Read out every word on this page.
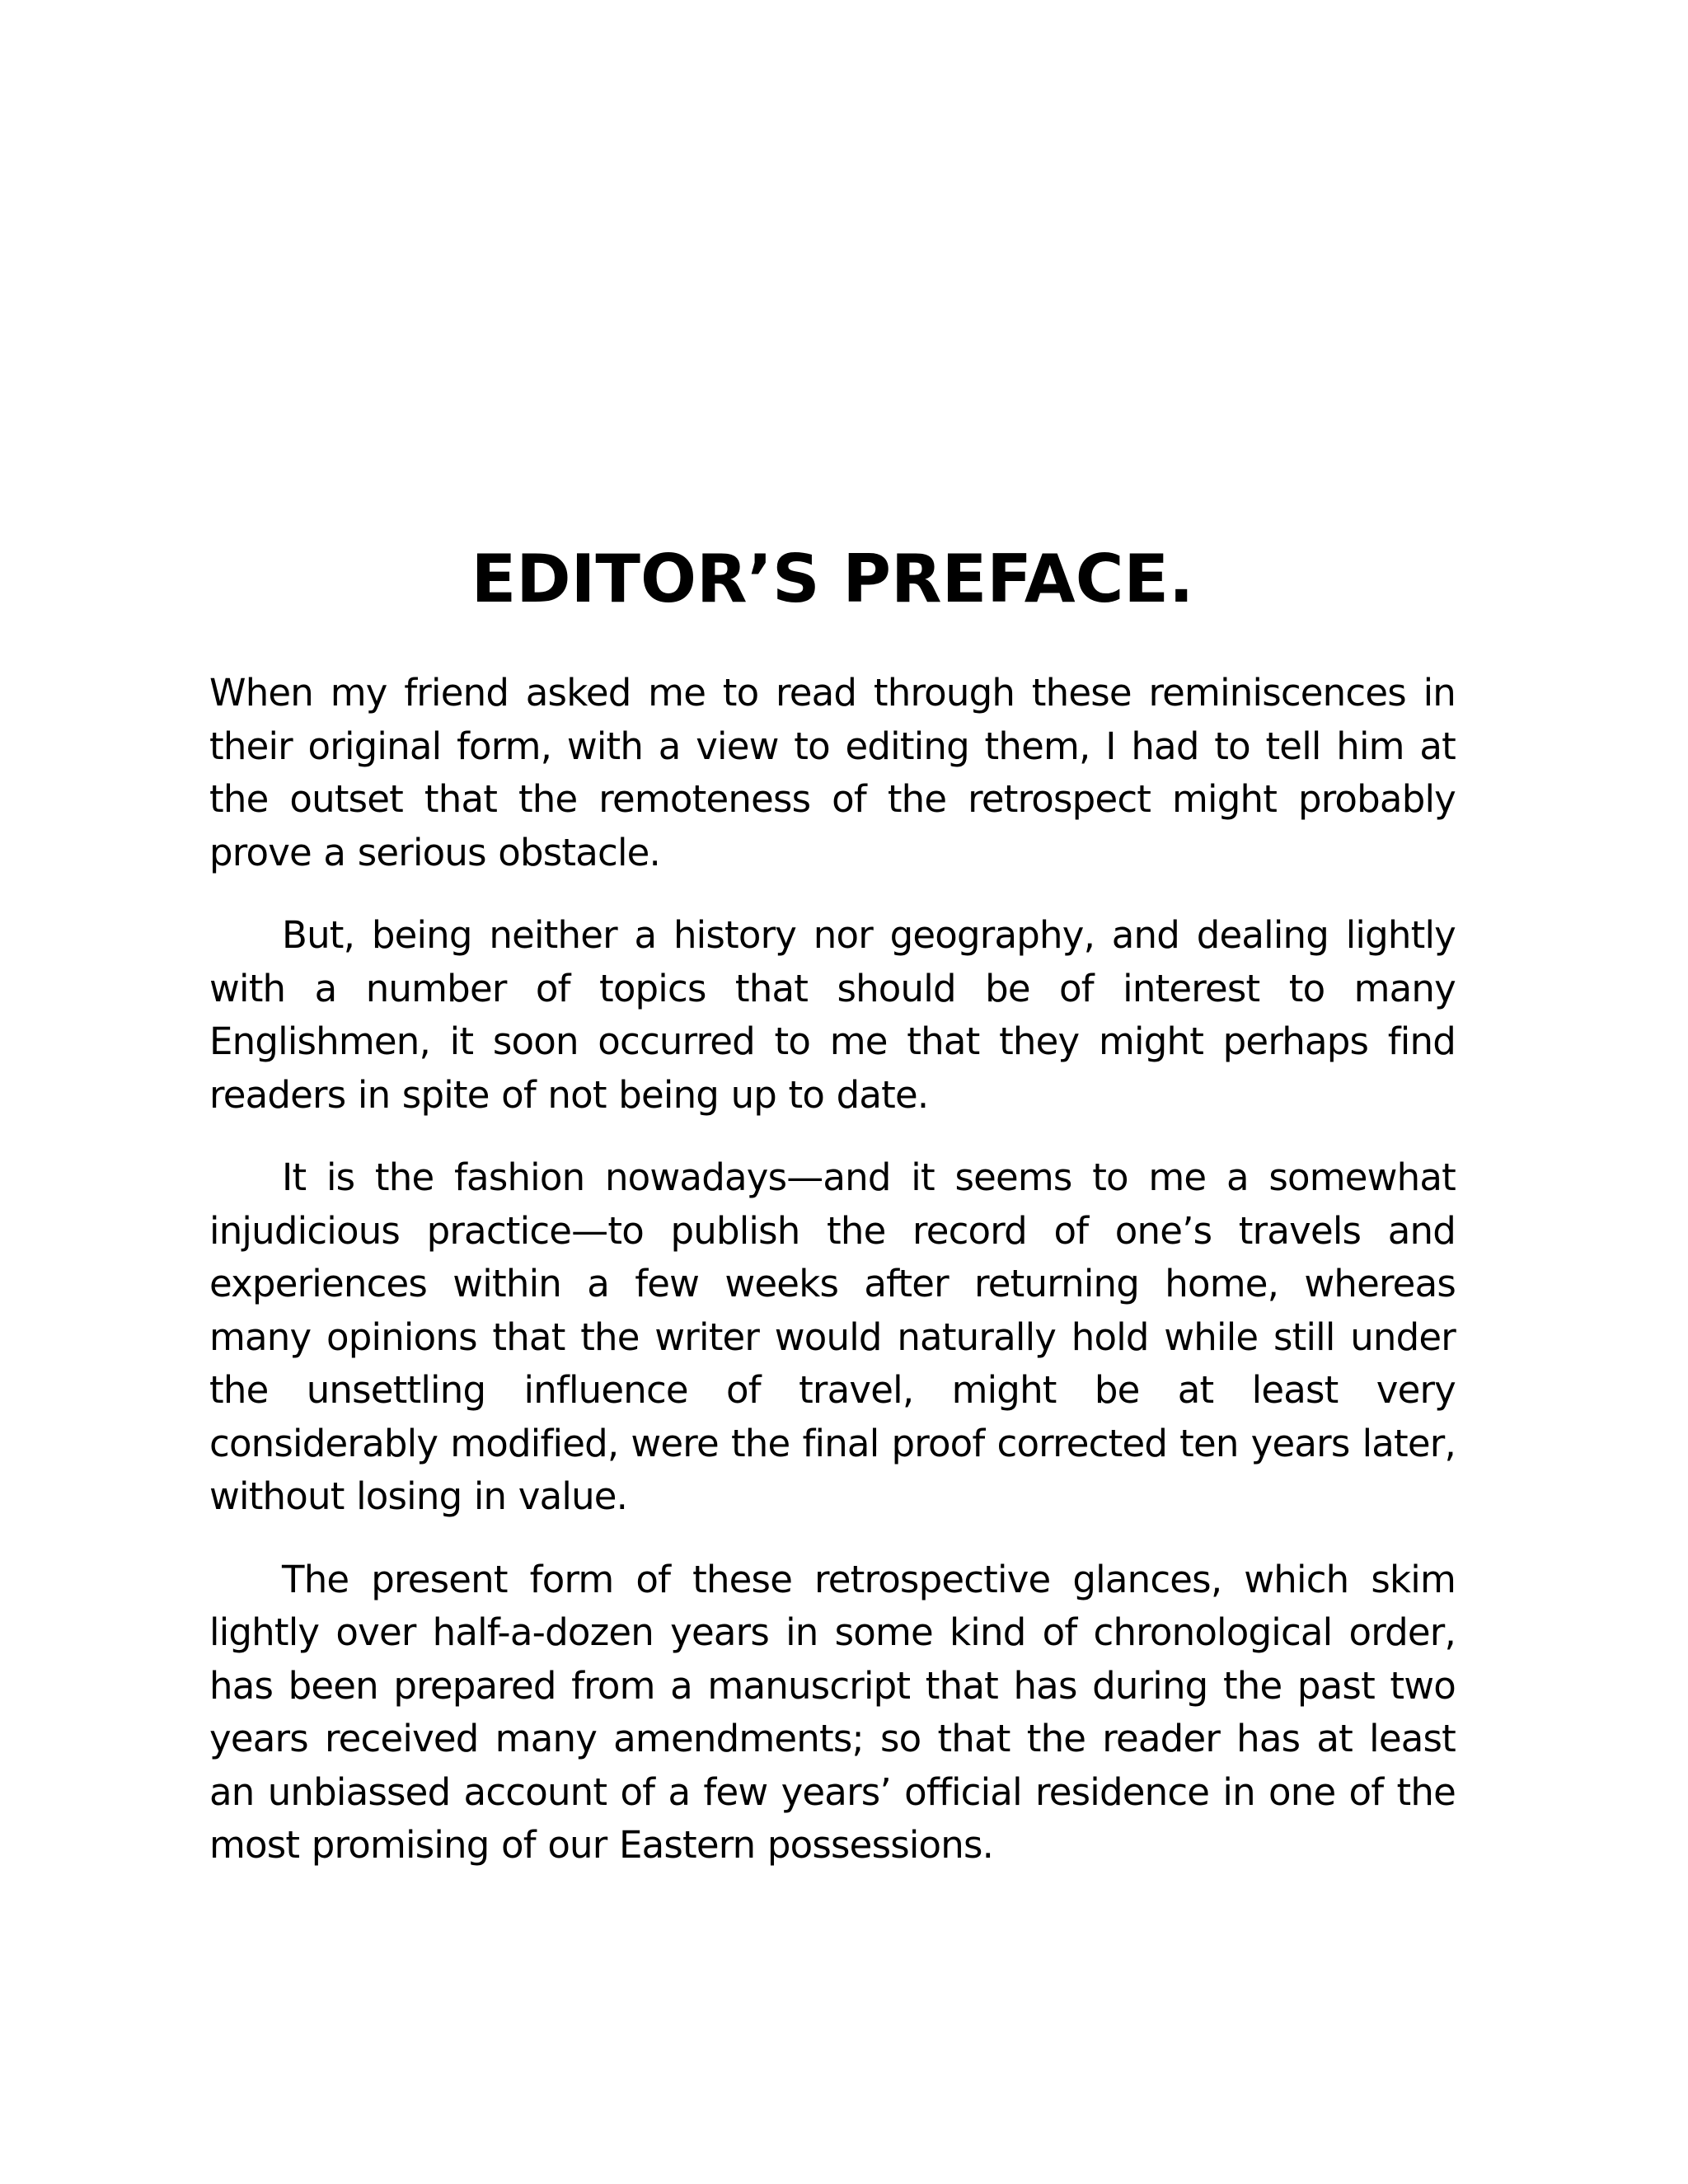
EDITOR’S PREFACE.

When my friend asked me to read through these reminiscences in their original form, with a view to editing them, I had to tell him at the outset that the remoteness of the retrospect might probably prove a serious obstacle.

But, being neither a history nor geography, and dealing lightly with a number of topics that should be of interest to many Englishmen, it soon occurred to me that they might perhaps find readers in spite of not being up to date.

It is the fashion nowadays—and it seems to me a somewhat injudicious practice—to publish the record of one’s travels and experiences within a few weeks after returning home, whereas many opinions that the writer would naturally hold while still under the unsettling influence of travel, might be at least very considerably modified, were the final proof corrected ten years later, without losing in value.

The present form of these retrospective glances, which skim lightly over half-a-dozen years in some kind of chronological order, has been prepared from a manuscript that has during the past two years received many amendments; so that the reader has at least an unbiassed account of a few years’ official residence in one of the most promising of our Eastern possessions.
